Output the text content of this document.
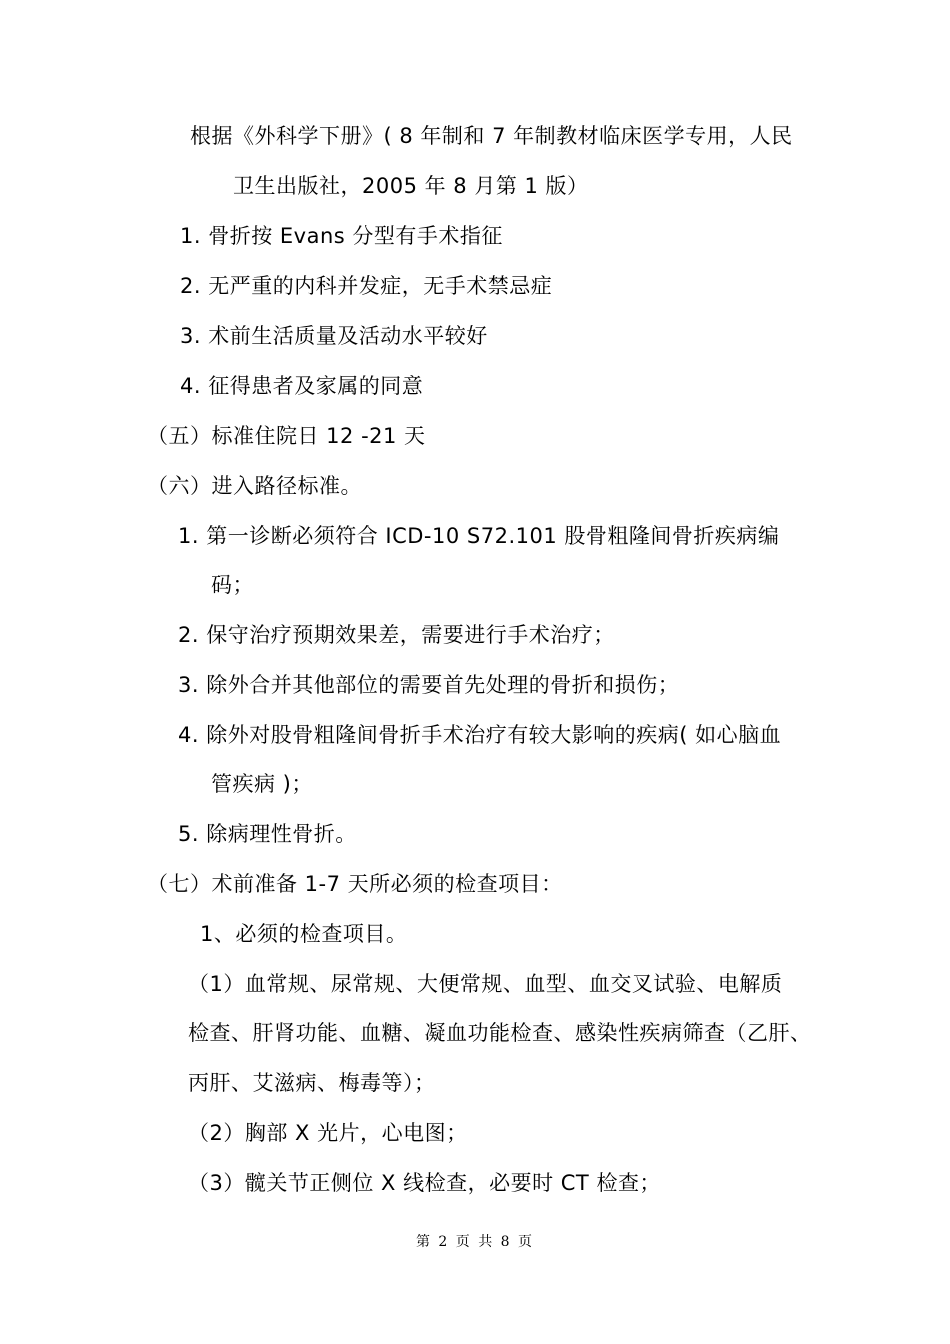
根据《外科学下册》( 8 年制和 7 年制教材临床医学专用，人民
卫生出版社，2005 年 8 月第 1 版）
1. 骨折按 Evans 分型有手术指征
2. 无严重的内科并发症，无手术禁忌症
3. 术前生活质量及活动水平较好
4. 征得患者及家属的同意
（五）标准住院日 12 -21 天
（六）进入路径标准。
1. 第一诊断必须符合 ICD-10 S72.101 股骨粗隆间骨折疾病编
码；
2. 保守治疗预期效果差，需要进行手术治疗；
3. 除外合并其他部位的需要首先处理的骨折和损伤；
4. 除外对股骨粗隆间骨折手术治疗有较大影响的疾病( 如心脑血
管疾病 )；
5. 除病理性骨折。
（七）术前准备 1-7 天所必须的检查项目：
1、必须的检查项目。
（1）血常规、尿常规、大便常规、血型、血交叉试验、电解质
检查、肝肾功能、血糖、凝血功能检查、感染性疾病筛查（乙肝、
丙肝、艾滋病、梅毒等）；
（2）胸部 X 光片，心电图；
（3）髋关节正侧位 X 线检查，必要时 CT 检查；
第 2 页 共 8 页
